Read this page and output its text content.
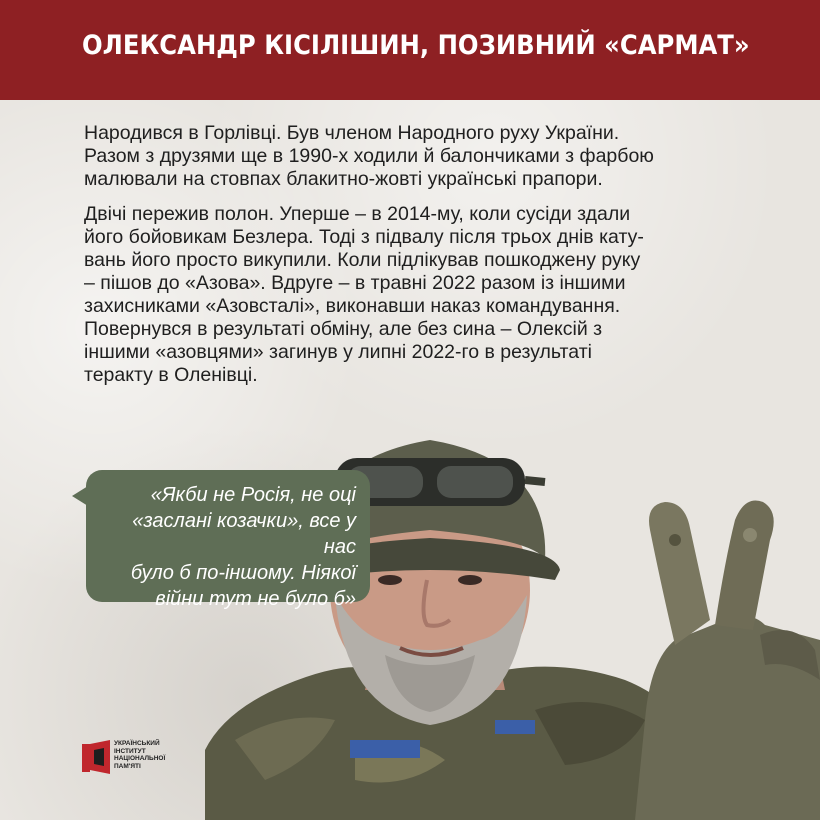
ОЛЕКСАНДР КІСІЛІШИН, ПОЗИВНИЙ «САРМАТ»

Народився в Горлівці. Був членом Народного руху України.
Разом з друзями ще в 1990-х ходили й балончиками з фарбою
малювали на стовпах блакитно-жовті українські прапори.

Двічі пережив полон. Уперше – в 2014-му, коли сусіди здали
його бойовикам Безлера. Тоді з підвалу після трьох днів кату-
вань його просто викупили. Коли підлікував пошкоджену руку
– пішов до «Азова». Вдруге – в травні 2022 разом із іншими
захисниками «Азовсталі», виконавши наказ командування.
Повернувся в результаті обміну, але без сина – Олексій з
іншими «азовцями» загинув у липні 2022-го в результаті
теракту в Оленівці.

«Якби не Росія, не оці
«заслані козачки», все у нас
було б по-іншому. Ніякої
війни тут не було б»
УКРАЇНСЬКИЙ
ІНСТИТУТ
НАЦІОНАЛЬНОЇ
ПАМ'ЯТІ
